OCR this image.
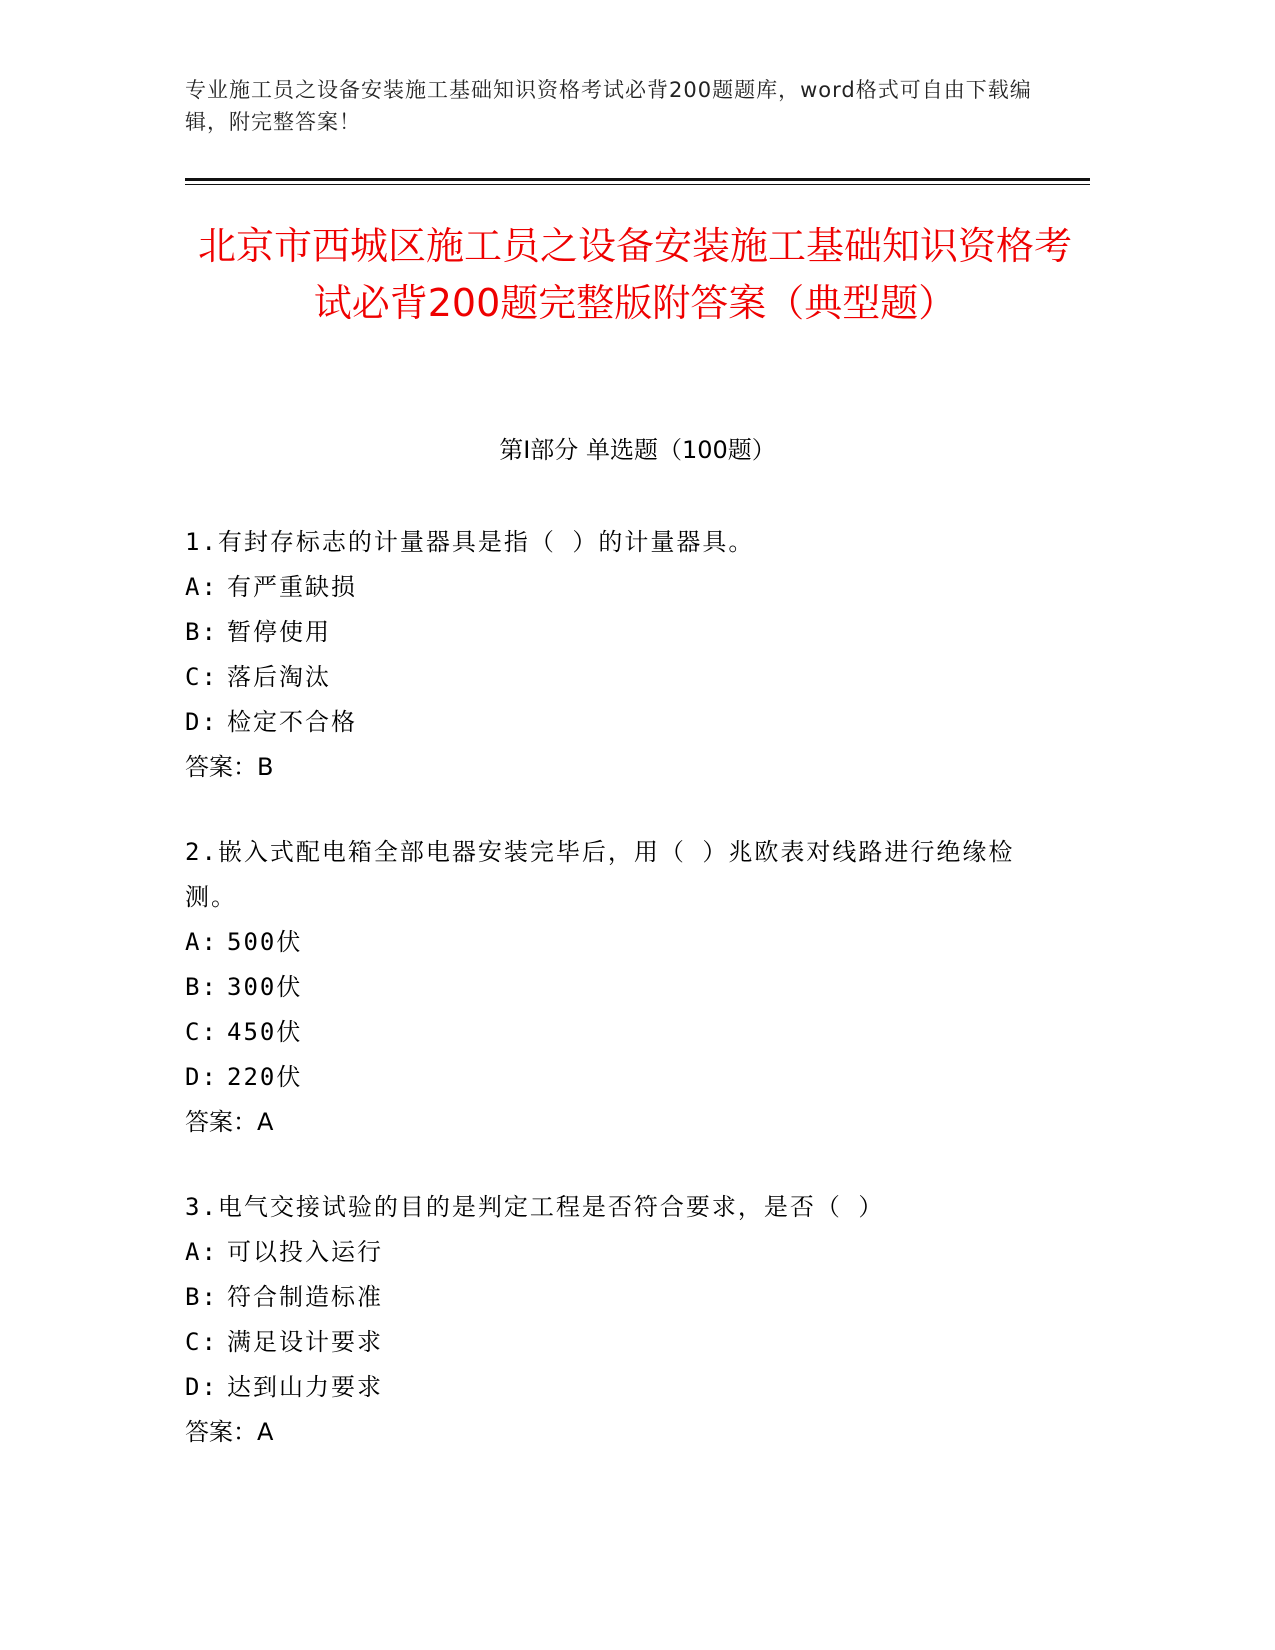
专业施工员之设备安装施工基础知识资格考试必背200题题库，word格式可自由下载编辑，附完整答案！
北京市西城区施工员之设备安装施工基础知识资格考试必背200题完整版附答案（典型题）
第Ⅰ部分 单选题（100题）

1.有封存标志的计量器具是指（ ）的计量器具。

A: 有严重缺损
B: 暂停使用
C: 落后淘汰
D: 检定不合格
答案： B

2.嵌入式配电箱全部电器安装完毕后，用（ ）兆欧表对线路进行绝缘检测。

A: 500伏
B: 300伏
C: 450伏
D: 220伏
答案： A

3.电气交接试验的目的是判定工程是否符合要求，是否（ ）

A: 可以投入运行
B: 符合制造标准
C: 满足设计要求
D: 达到山力要求
答案： A
